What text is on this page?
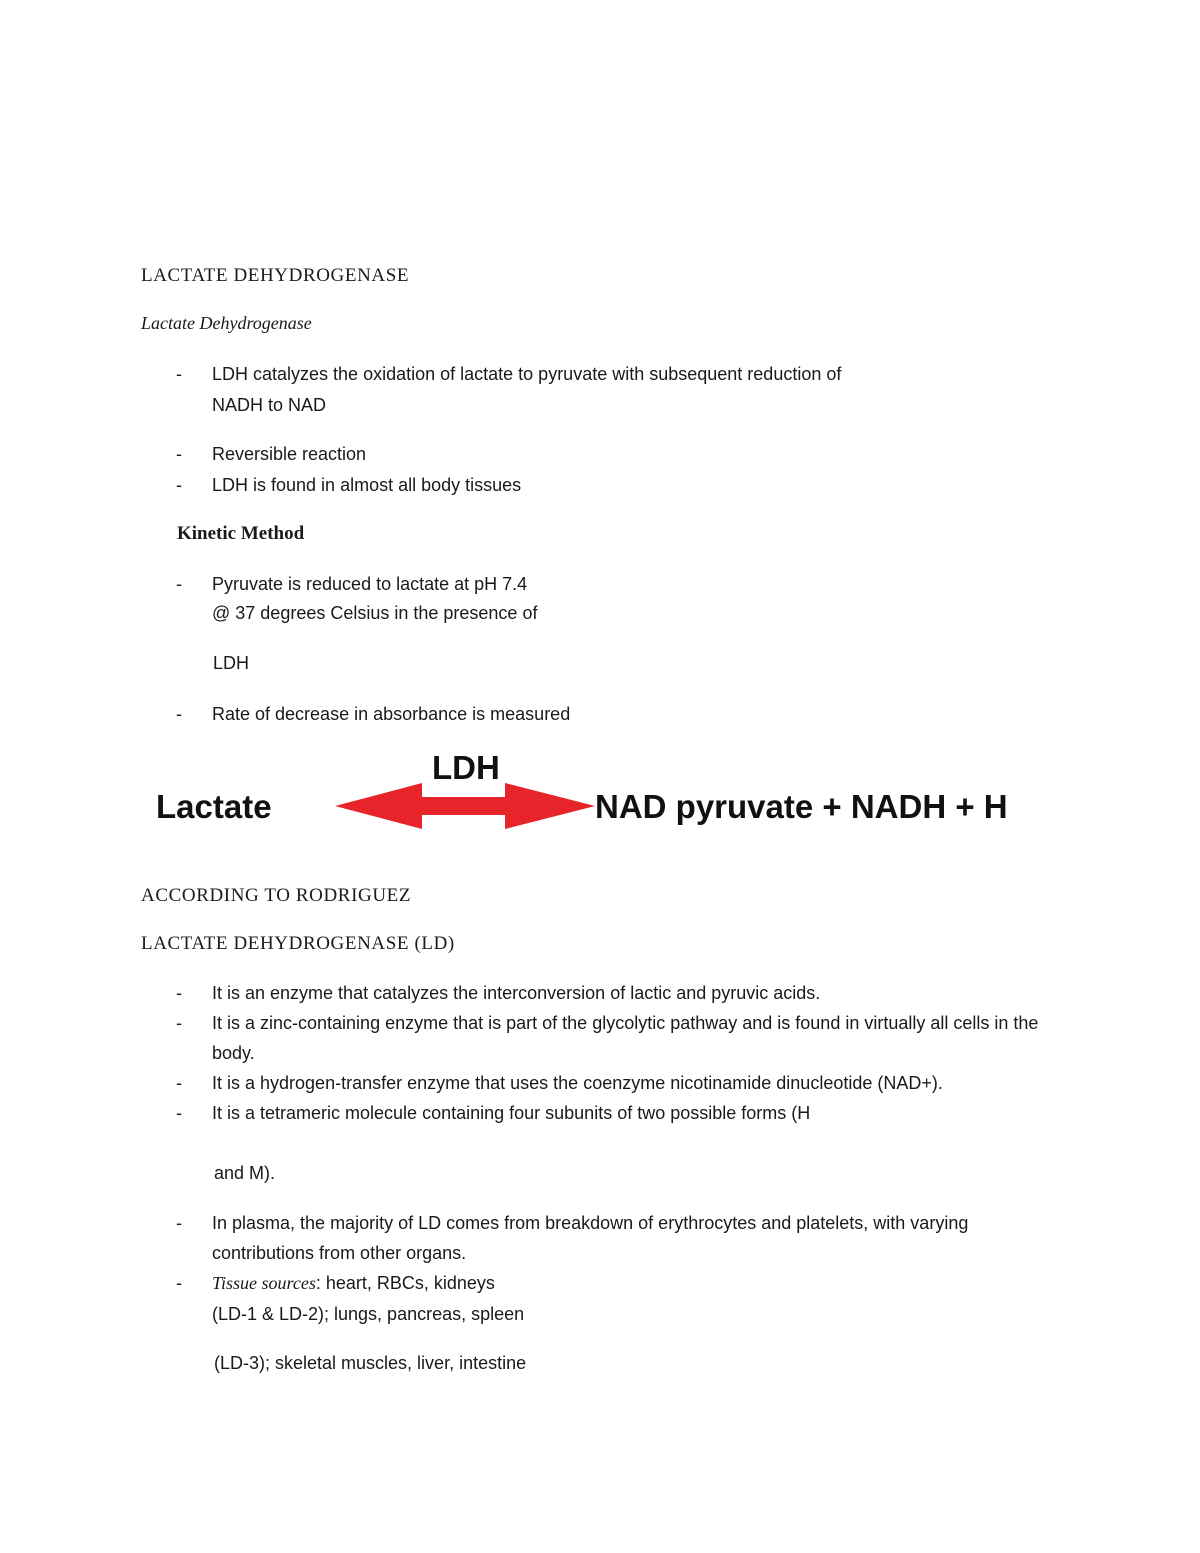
LACTATE DEHYDROGENASE
Lactate Dehydrogenase
- LDH catalyzes the oxidation of lactate to pyruvate with subsequent reduction of
NADH to NAD
- Reversible reaction
- LDH is found in almost all body tissues
Kinetic Method
- Pyruvate is reduced to lactate at pH 7.4
@ 37 degrees Celsius in the presence of
LDH
- Rate of decrease in absorbance is measured
LDH
Lactate	NAD pyruvate + NADH + H
ACCORDING TO RODRIGUEZ
LACTATE DEHYDROGENASE (LD)
- It is an enzyme that catalyzes the interconversion of lactic and pyruvic acids.
- It is a zinc-containing enzyme that is part of the glycolytic pathway and is found in virtually all cells in the
body.
- It is a hydrogen-transfer enzyme that uses the coenzyme nicotinamide dinucleotide (NAD+).
- It is a tetrameric molecule containing four subunits of two possible forms (H
and M).
- In plasma, the majority of LD comes from breakdown of erythrocytes and platelets, with varying
contributions from other organs.
- Tissue sources: heart, RBCs, kidneys
(LD-1 & LD-2); lungs, pancreas, spleen
(LD-3); skeletal muscles, liver, intestine
